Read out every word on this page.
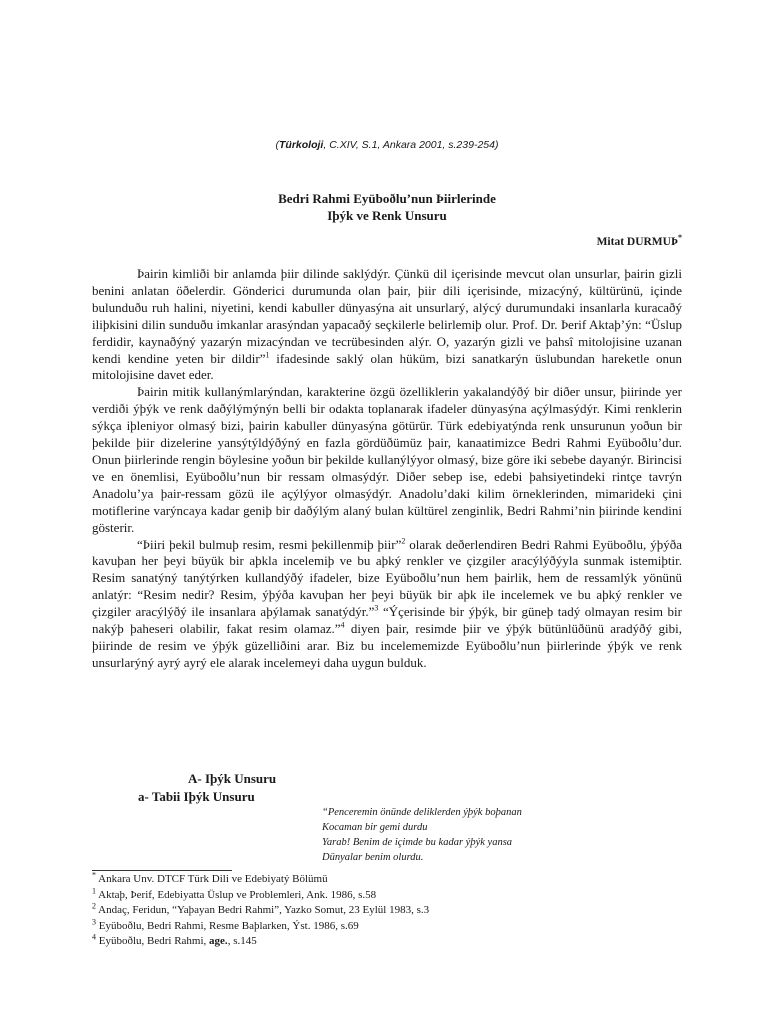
(Türkoloji, C.XIV, S.1, Ankara 2001, s.239-254)
Bedri Rahmi Eyüboðlu’nun Þiirlerinde
Iþýk ve Renk Unsuru
Mitat DURMUÞ*

Þairin kimliði bir anlamda þiir dilinde saklýdýr. Çünkü dil içerisinde mevcut olan unsurlar, þairin gizli benini anlatan öðelerdir. Gönderici durumunda olan þair, þiir dili içerisinde, mizacýný, kültürünü, içinde bulunduðu ruh halini, niyetini, kendi kabuller dünyasýna ait unsurlarý, alýcý durumundaki insanlarla kuracaðý iliþkisini dilin sunduðu imkanlar arasýndan yapacaðý seçkilerle belirlemiþ olur. Prof. Dr. Þerif Aktaþ’ýn: “Üslup ferdidir, kaynaðýný yazarýn mizacýndan ve tecrübesinden alýr. O, yazarýn gizli ve þahsî mitolojisine uzanan kendi kendine yeten bir dildir”$^1$ ifadesinde saklý olan hüküm, bizi sanatkarýn üslubundan hareketle onun mitolojisine davet eder.

Þairin mitik kullanýmlarýndan, karakterine özgü özelliklerin yakalandýðý bir diðer unsur, þiirinde yer verdiði ýþýk ve renk daðýlýmýnýn belli bir odakta toplanarak ifadeler dünyasýna açýlmasýdýr. Kimi renklerin sýkça iþleniyor olmasý bizi, þairin kabuller dünyasýna götürür. Türk edebiyatýnda renk unsurunun yoðun bir þekilde þiir dizelerine yansýtýldýðýný en fazla gördüðümüz þair, kanaatimizce Bedri Rahmi Eyüboðlu’dur. Onun þiirlerinde rengin böylesine yoðun bir þekilde kullanýlýyor olmasý, bize göre iki sebebe dayanýr. Birincisi ve en önemlisi, Eyüboðlu’nun bir ressam olmasýdýr. Diðer sebep ise, edebi þahsiyetindeki rintçe tavrýn Anadolu’ya þair-ressam gözü ile açýlýyor olmasýdýr. Anadolu’daki kilim örneklerinden, mimarideki çini motiflerine varýncaya kadar geniþ bir daðýlým alaný bulan kültürel zenginlik, Bedri Rahmi’nin þiirinde kendini gösterir.

“Þiiri þekil bulmuþ resim, resmi þekillenmiþ þiir”$^2$ olarak deðerlendiren Bedri Rahmi Eyüboðlu, ýþýða kavuþan her þeyi büyük bir aþkla incelemiþ ve bu aþký renkler ve çizgiler aracýlýðýyla sunmak istemiþtir. Resim sanatýný tanýtýrken kullandýðý ifadeler, bize Eyüboðlu’nun hem þairlik, hem de ressamlýk yönünü anlatýr: “Resim nedir? Resim, ýþýða kavuþan her þeyi büyük bir aþk ile incelemek ve bu aþký renkler ve çizgiler aracýlýðý ile insanlara aþýlamak sanatýdýr.”$^3$ “Ýçerisinde bir ýþýk, bir güneþ tadý olmayan resim bir nakýþ þaheseri olabilir, fakat resim olamaz.”$^4$ diyen þair, resimde þiir ve ýþýk bütünlüðünü aradýðý gibi, þiirinde de resim ve ýþýk güzelliðini arar. Biz bu incelememizde Eyüboðlu’nun þiirlerinde ýþýk ve renk unsurlarýný ayrý ayrý ele alarak incelemeyi daha uygun bulduk.

A- Iþýk Unsuru
a- Tabii Iþýk Unsuru
“Penceremin önünde deliklerden ýþýk boþanan
Kocaman bir gemi durdu
Yarab! Benim de içimde bu kadar ýþýk yansa
Dünyalar benim olurdu.
* Ankara Unv. DTCF Türk Dili ve Edebiyatý Bölümü
$^1$ Aktaþ, Þerif, Edebiyatta Üslup ve Problemleri, Ank. 1986, s.58
$^2$ Andaç, Feridun, “Yaþayan Bedri Rahmi”, Yazko Somut, 23 Eylül 1983, s.3
$^3$ Eyüboðlu, Bedri Rahmi, Resme Baþlarken, Ýst. 1986, s.69
$^4$ Eyüboðlu, Bedri Rahmi, age., s.145
